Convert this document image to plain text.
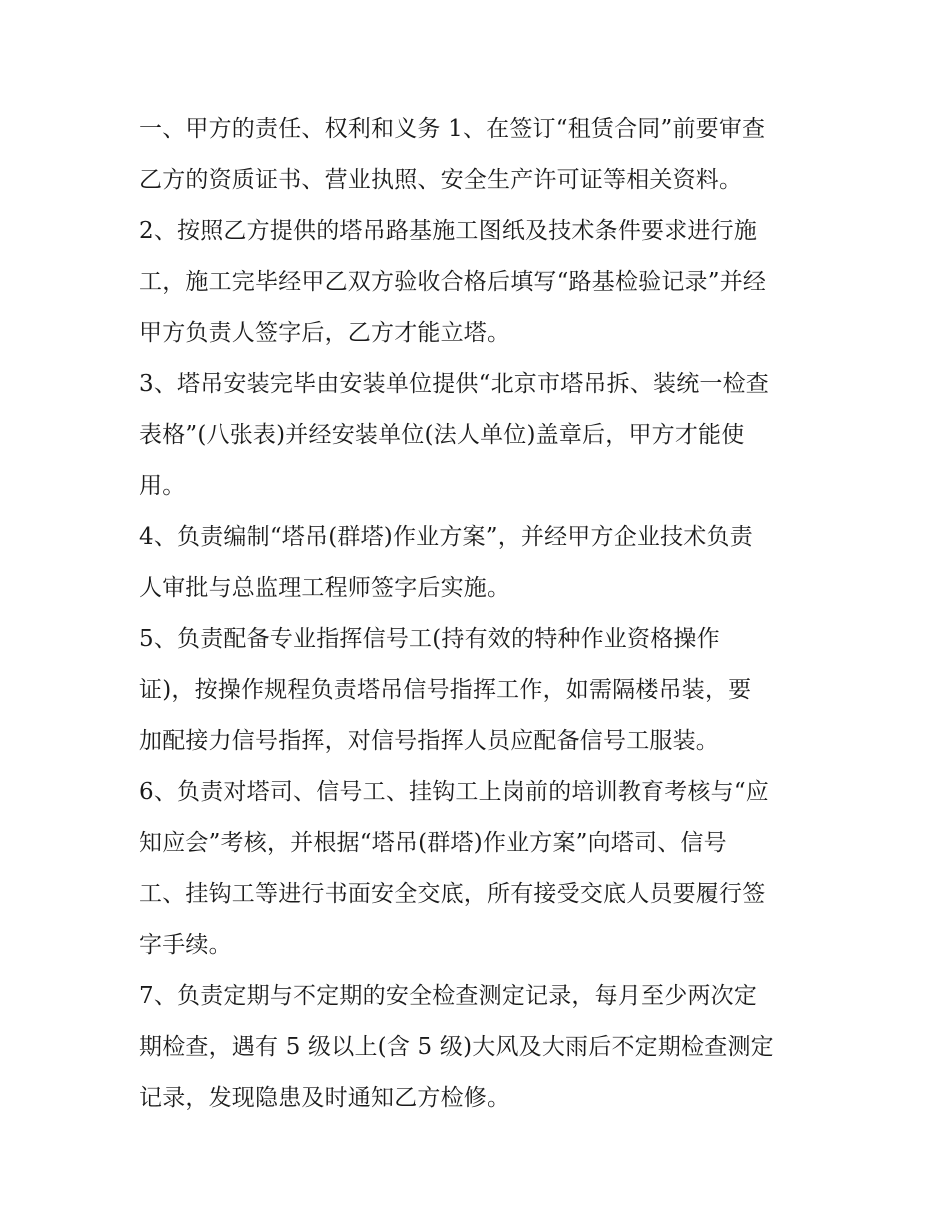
一、甲方的责任、权利和义务 1、在签订“租赁合同”前要审查
乙方的资质证书、营业执照、安全生产许可证等相关资料。
2、按照乙方提供的塔吊路基施工图纸及技术条件要求进行施
工，施工完毕经甲乙双方验收合格后填写“路基检验记录”并经
甲方负责人签字后，乙方才能立塔。
3、塔吊安装完毕由安装单位提供“北京市塔吊拆、装统一检查
表格”(八张表)并经安装单位(法人单位)盖章后，甲方才能使
用。
4、负责编制“塔吊(群塔)作业方案”，并经甲方企业技术负责
人审批与总监理工程师签字后实施。
5、负责配备专业指挥信号工(持有效的特种作业资格操作
证)，按操作规程负责塔吊信号指挥工作，如需隔楼吊装，要
加配接力信号指挥，对信号指挥人员应配备信号工服装。
6、负责对塔司、信号工、挂钩工上岗前的培训教育考核与“应
知应会”考核，并根据“塔吊(群塔)作业方案”向塔司、信号
工、挂钩工等进行书面安全交底，所有接受交底人员要履行签
字手续。
7、负责定期与不定期的安全检查测定记录，每月至少两次定
期检查，遇有 5 级以上(含 5 级)大风及大雨后不定期检查测定
记录，发现隐患及时通知乙方检修。
